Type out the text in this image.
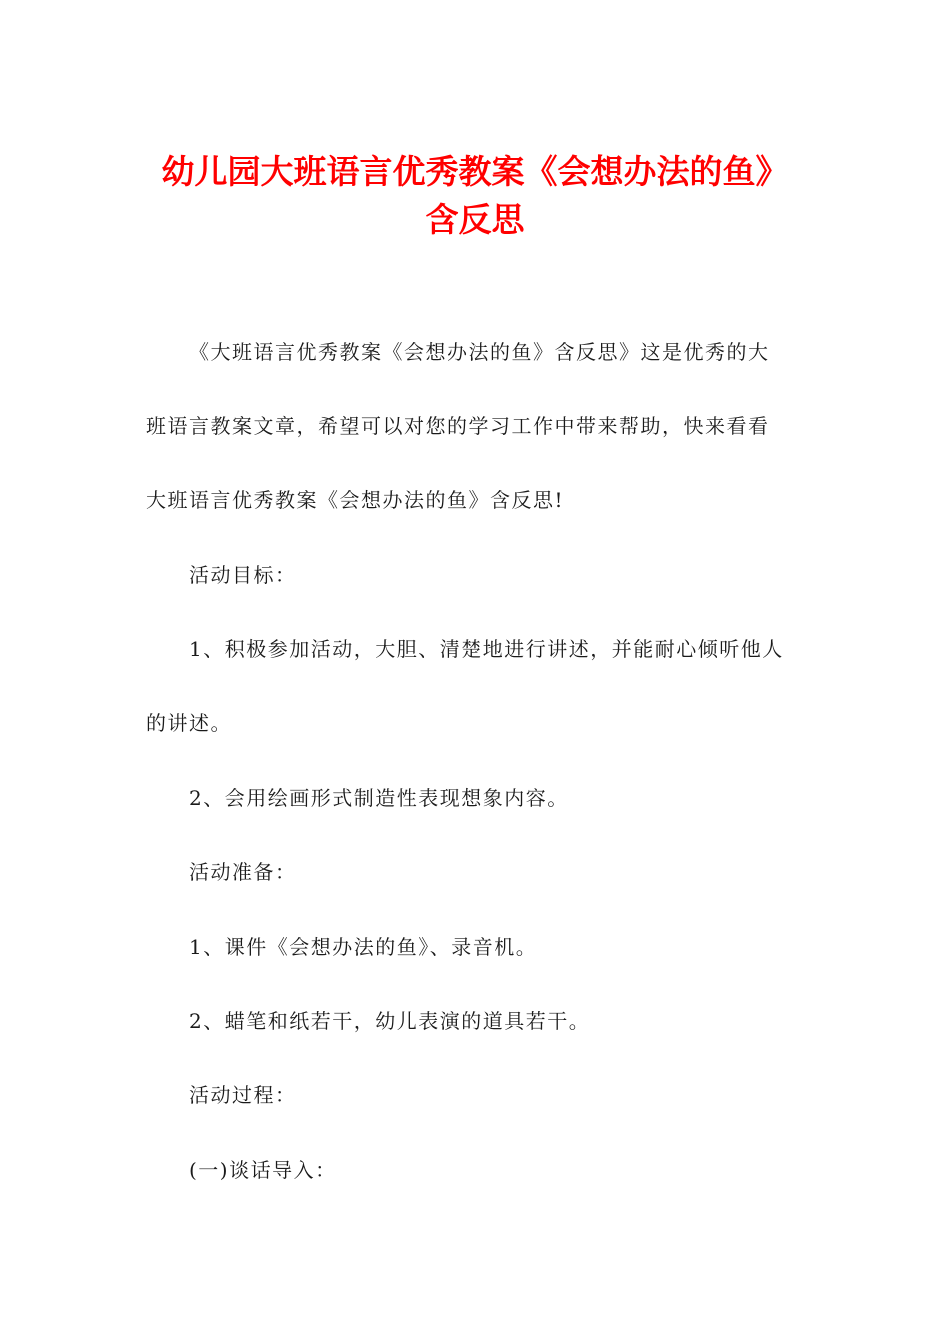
幼儿园大班语言优秀教案《会想办法的鱼》
含反思
《大班语言优秀教案《会想办法的鱼》含反思》这是优秀的大
班语言教案文章，希望可以对您的学习工作中带来帮助，快来看看
大班语言优秀教案《会想办法的鱼》含反思!
活动目标：
1、积极参加活动，大胆、清楚地进行讲述，并能耐心倾听他人
的讲述。
2、会用绘画形式制造性表现想象内容。
活动准备：
1、课件《会想办法的鱼》、录音机。
2、蜡笔和纸若干，幼儿表演的道具若干。
活动过程：
(一)谈话导入：
